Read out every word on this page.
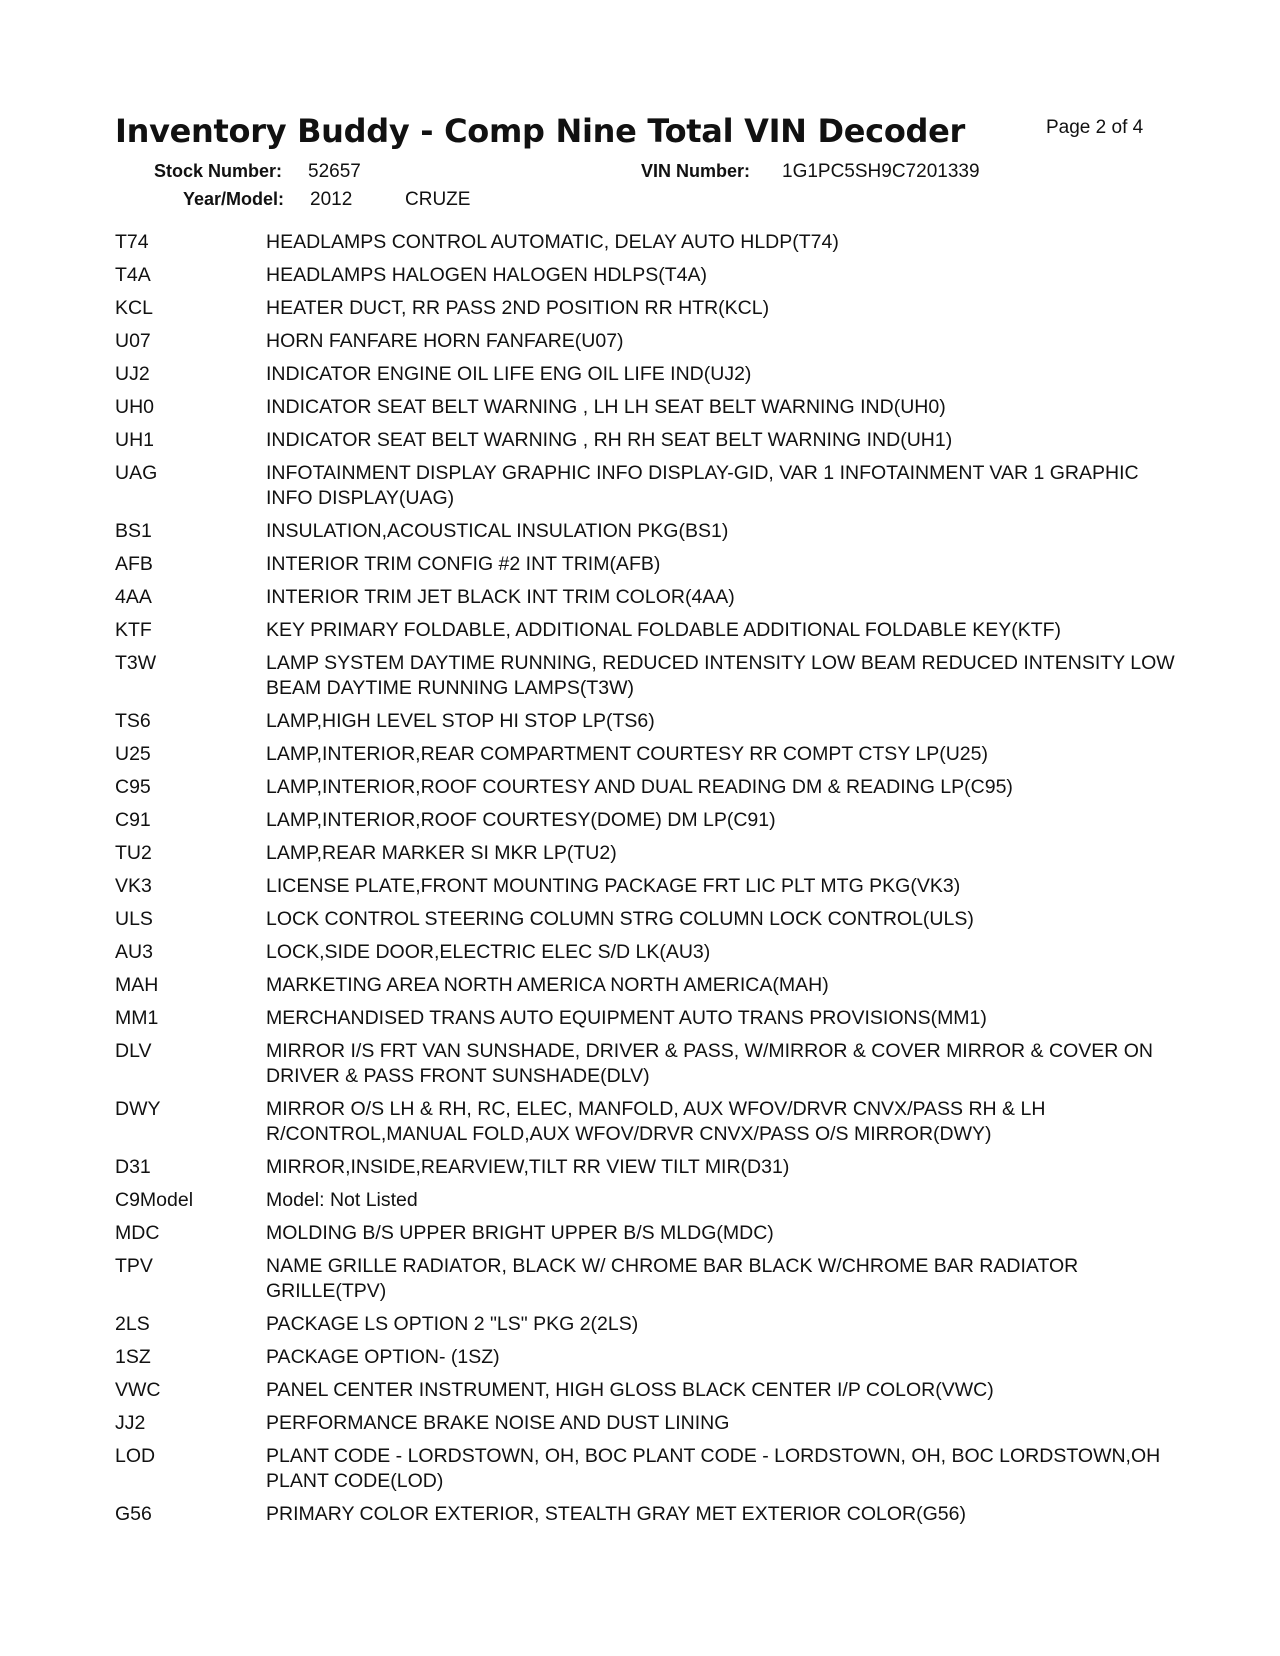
Inventory Buddy - Comp Nine Total VIN Decoder	Page 2 of 4
Stock Number: 52657	VIN Number: 1G1PC5SH9C7201339
Year/Model: 2012	CRUZE
T74	HEADLAMPS CONTROL AUTOMATIC, DELAY AUTO HLDP(T74)
T4A	HEADLAMPS HALOGEN HALOGEN HDLPS(T4A)
KCL	HEATER DUCT, RR PASS 2ND POSITION RR HTR(KCL)
U07	HORN FANFARE HORN FANFARE(U07)
UJ2	INDICATOR ENGINE OIL LIFE ENG OIL LIFE IND(UJ2)
UH0	INDICATOR SEAT BELT WARNING , LH LH SEAT BELT WARNING IND(UH0)
UH1	INDICATOR SEAT BELT WARNING , RH RH SEAT BELT WARNING IND(UH1)
UAG	INFOTAINMENT DISPLAY GRAPHIC INFO DISPLAY-GID, VAR 1 INFOTAINMENT VAR 1 GRAPHIC INFO DISPLAY(UAG)
BS1	INSULATION,ACOUSTICAL INSULATION PKG(BS1)
AFB	INTERIOR TRIM CONFIG #2 INT TRIM(AFB)
4AA	INTERIOR TRIM JET BLACK INT TRIM COLOR(4AA)
KTF	KEY PRIMARY FOLDABLE, ADDITIONAL FOLDABLE ADDITIONAL FOLDABLE KEY(KTF)
T3W	LAMP SYSTEM DAYTIME RUNNING, REDUCED INTENSITY LOW BEAM REDUCED INTENSITY LOW BEAM DAYTIME RUNNING LAMPS(T3W)
TS6	LAMP,HIGH LEVEL STOP HI STOP LP(TS6)
U25	LAMP,INTERIOR,REAR COMPARTMENT COURTESY RR COMPT CTSY LP(U25)
C95	LAMP,INTERIOR,ROOF COURTESY AND DUAL READING DM & READING LP(C95)
C91	LAMP,INTERIOR,ROOF COURTESY(DOME) DM LP(C91)
TU2	LAMP,REAR MARKER SI MKR LP(TU2)
VK3	LICENSE PLATE,FRONT MOUNTING PACKAGE FRT LIC PLT MTG PKG(VK3)
ULS	LOCK CONTROL STEERING COLUMN STRG COLUMN LOCK CONTROL(ULS)
AU3	LOCK,SIDE DOOR,ELECTRIC ELEC S/D LK(AU3)
MAH	MARKETING AREA NORTH AMERICA NORTH AMERICA(MAH)
MM1	MERCHANDISED TRANS AUTO EQUIPMENT AUTO TRANS PROVISIONS(MM1)
DLV	MIRROR I/S FRT VAN SUNSHADE, DRIVER & PASS, W/MIRROR & COVER MIRROR & COVER ON DRIVER & PASS FRONT SUNSHADE(DLV)
DWY	MIRROR O/S LH & RH, RC, ELEC, MANFOLD, AUX WFOV/DRVR CNVX/PASS RH & LH R/CONTROL,MANUAL FOLD,AUX WFOV/DRVR CNVX/PASS O/S MIRROR(DWY)
D31	MIRROR,INSIDE,REARVIEW,TILT RR VIEW TILT MIR(D31)
C9Model	Model: Not Listed
MDC	MOLDING B/S UPPER BRIGHT UPPER B/S MLDG(MDC)
TPV	NAME GRILLE RADIATOR, BLACK W/ CHROME BAR BLACK W/CHROME BAR RADIATOR GRILLE(TPV)
2LS	PACKAGE LS OPTION 2 "LS" PKG 2(2LS)
1SZ	PACKAGE OPTION- (1SZ)
VWC	PANEL CENTER INSTRUMENT, HIGH GLOSS BLACK CENTER I/P COLOR(VWC)
JJ2	PERFORMANCE BRAKE NOISE AND DUST LINING
LOD	PLANT CODE - LORDSTOWN, OH, BOC PLANT CODE - LORDSTOWN, OH, BOC LORDSTOWN,OH PLANT CODE(LOD)
G56	PRIMARY COLOR EXTERIOR, STEALTH GRAY MET EXTERIOR COLOR(G56)
